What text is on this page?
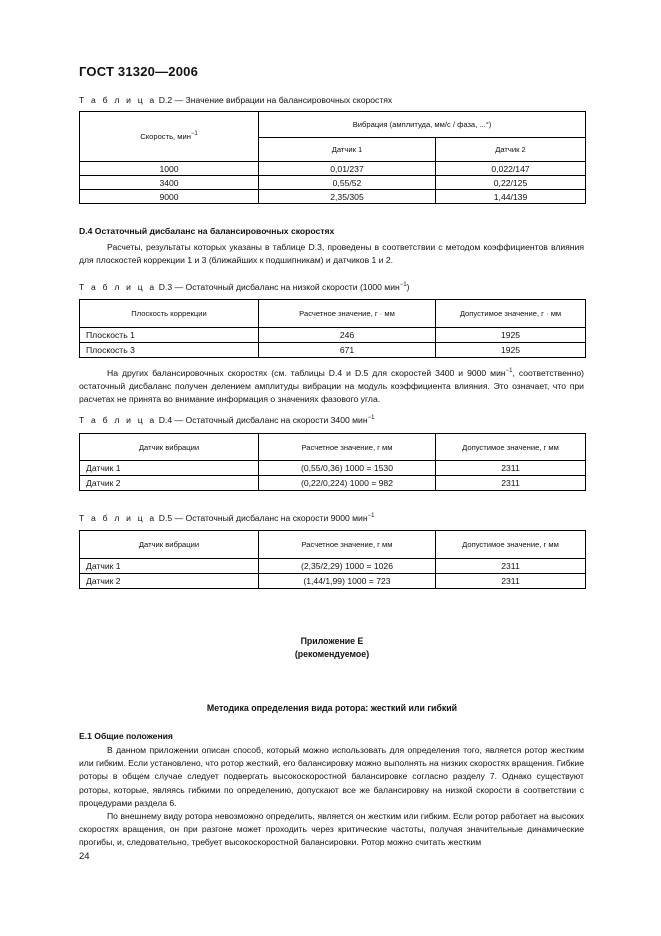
ГОСТ 31320—2006
Т а б л и ц а D.2 — Значение вибрации на балансировочных скоростях
Скорость, мин$^{-1}$	Вибрация (амплитуда, мм/с / фаза, ...°)	
	Датчик 1	Датчик 2
1000	0,01/237	0,022/147
3400	0,55/52	0,22/125
9000	2,35/305	1,44/139
D.4 Остаточный дисбаланс на балансировочных скоростях

Расчеты, результаты которых указаны в таблице D.3, проведены в соответствии с методом коэффициентов влияния для плоскостей коррекции 1 и 3 (ближайших к подшипникам) и датчиков 1 и 2.

Т а б л и ц а D.3 — Остаточный дисбаланс на низкой скорости (1000 мин$^{-1}$)
Плоскость коррекции	Расчетное значение, г · мм	Допустимое значение, г · мм
Плоскость 1	246	1925
Плоскость 3	671	1925

На других балансировочных скоростях (см. таблицы D.4 и D.5 для скоростей 3400 и 9000 мин$^{-1}$, соответственно) остаточный дисбаланс получен делением амплитуды вибрации на модуль коэффициента влияния. Это означает, что при расчетах не принята во внимание информация о значениях фазового угла.

Т а б л и ц а D.4 — Остаточный дисбаланс на скорости 3400 мин$^{-1}$
Датчик вибрации	Расчетное значение, г мм	Допустимое значение, г мм
Датчик 1	(0,55/0,36) 1000 = 1530	2311
Датчик 2	(0,22/0,224) 1000 = 982	2311
Т а б л и ц а D.5 — Остаточный дисбаланс на скорости 9000 мин$^{-1}$
Датчик вибрации	Расчетное значение, г мм	Допустимое значение, г мм
Датчик 1	(2,35/2,29) 1000 = 1026	2311
Датчик 2	(1,44/1,99) 1000 = 723	2311
Приложение Е
(рекомендуемое)
Методика определения вида ротора: жесткий или гибкий
Е.1 Общие положения

В данном приложении описан способ, который можно использовать для определения того, является ротор жестким или гибким. Если установлено, что ротор жесткий, его балансировку можно выполнять на низких скоростях вращения. Гибкие роторы в общем случае следует подвергать высокоскоростной балансировке согласно разделу 7. Однако существуют роторы, которые, являясь гибкими по определению, допускают все же балансировку на низкой скорости в соответствии с процедурами раздела 6.

По внешнему виду ротора невозможно определить, является он жестким или гибким. Если ротор работает на высоких скоростях вращения, он при разгоне может проходить через критические частоты, получая значительные динамические прогибы, и, следовательно, требует высокоскоростной балансировки. Ротор можно считать жестким

24
